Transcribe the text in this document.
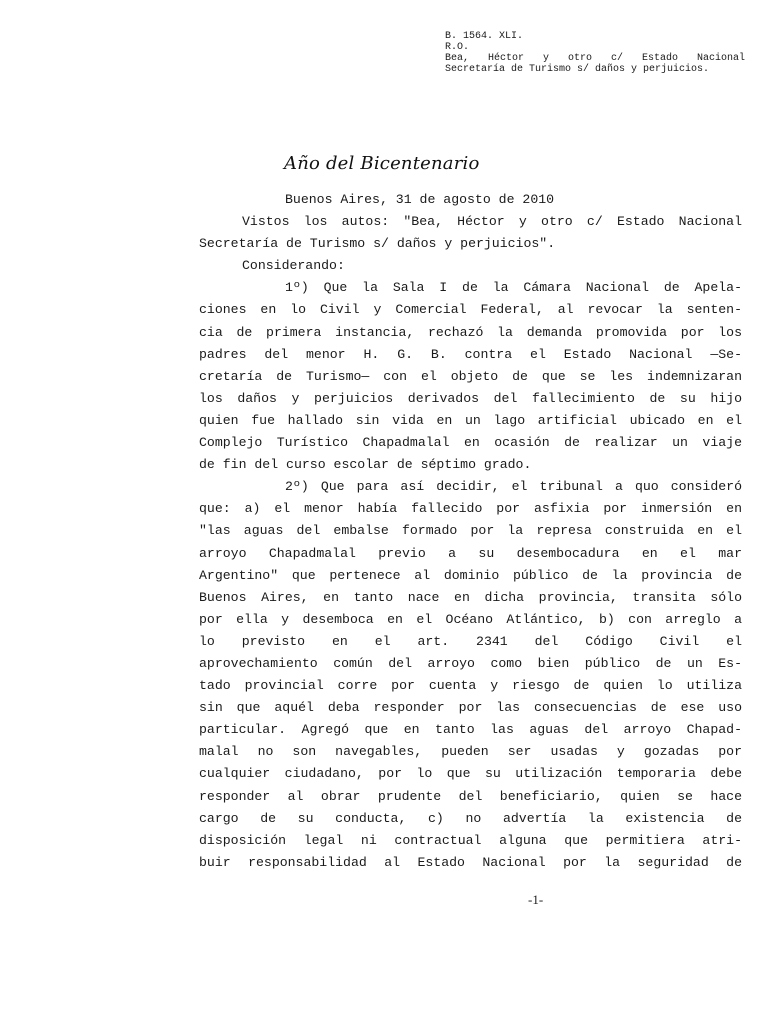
B. 1564. XLI.
R.O.
Bea, Héctor y otro c/ Estado Nacional
Secretaría de Turismo s/ daños y perjuicios.
Año del Bicentenario
Buenos Aires, 31 de agosto de 2010
Vistos los autos: "Bea, Héctor y otro c/ Estado Nacional
Secretaría de Turismo s/ daños y perjuicios".
Considerando:
1º) Que la Sala I de la Cámara Nacional de Apela-
ciones en lo Civil y Comercial Federal, al revocar la senten-
cia de primera instancia, rechazó la demanda promovida por los
padres del menor H. G. B. contra el Estado Nacional —Se-
cretaría de Turismo— con el objeto de que se les indemnizaran
los daños y perjuicios derivados del fallecimiento de su hijo
quien fue hallado sin vida en un lago artificial ubicado en el
Complejo Turístico Chapadmalal en ocasión de realizar un viaje
de fin del curso escolar de séptimo grado.
2º) Que para así decidir, el tribunal a quo consideró
que: a) el menor había fallecido por asfixia por inmersión en
"las aguas del embalse formado por la represa construida en el
arroyo Chapadmalal previo a su desembocadura en el mar
Argentino" que pertenece al dominio público de la provincia de
Buenos Aires, en tanto nace en dicha provincia, transita sólo
por ella y desemboca en el Océano Atlántico, b) con arreglo a
lo previsto en el art. 2341 del Código Civil el
aprovechamiento común del arroyo como bien público de un Es-
tado provincial corre por cuenta y riesgo de quien lo utiliza
sin que aquél deba responder por las consecuencias de ese uso
particular. Agregó que en tanto las aguas del arroyo Chapad-
malal no son navegables, pueden ser usadas y gozadas por
cualquier ciudadano, por lo que su utilización temporaria debe
responder al obrar prudente del beneficiario, quien se hace
cargo de su conducta, c) no advertía la existencia de
disposición legal ni contractual alguna que permitiera atri-
buir responsabilidad al Estado Nacional por la seguridad de
-1-
